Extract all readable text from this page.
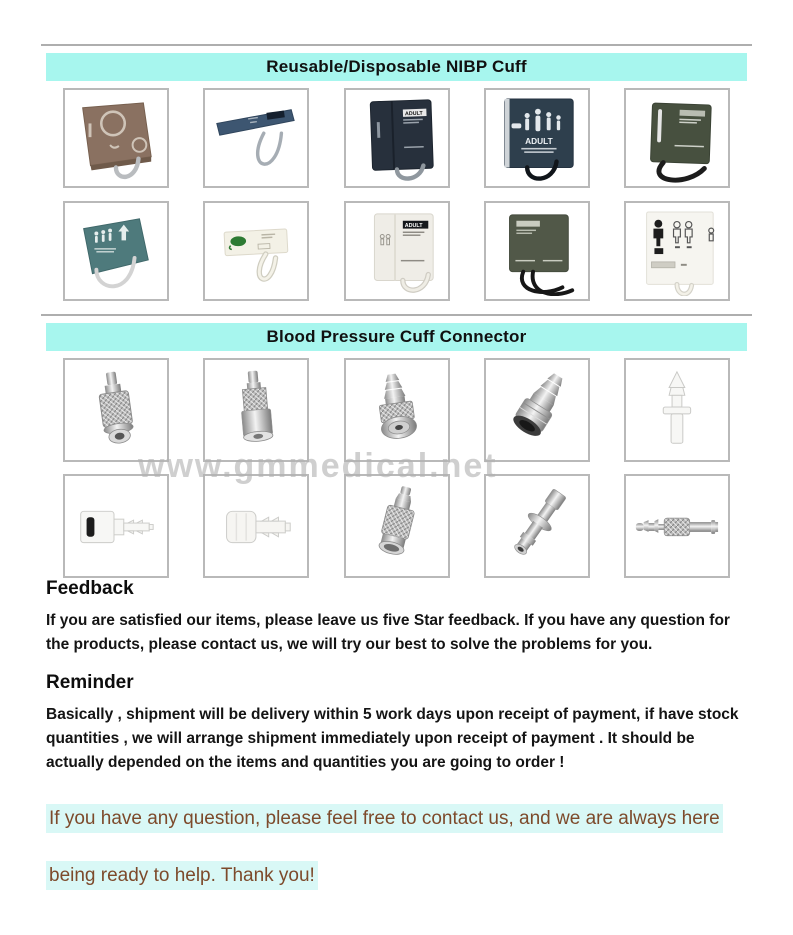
Reusable/Disposable NIBP Cuff
ADULT
ADULT
ADULT
Blood Pressure Cuff Connector
www.gmmedical.net
Feedback

If you are satisfied our items, please leave us five Star feedback. If you have any question for the products, please contact us, we will try our best to solve the problems for you.

Reminder

Basically , shipment will be delivery within 5 work days upon receipt of payment, if have stock quantities , we will arrange shipment immediately upon receipt of payment . It should be actually depended on the items and quantities you are going to order !

If you have any question, please feel free to contact us, and we are always here

being ready to help. Thank you!
